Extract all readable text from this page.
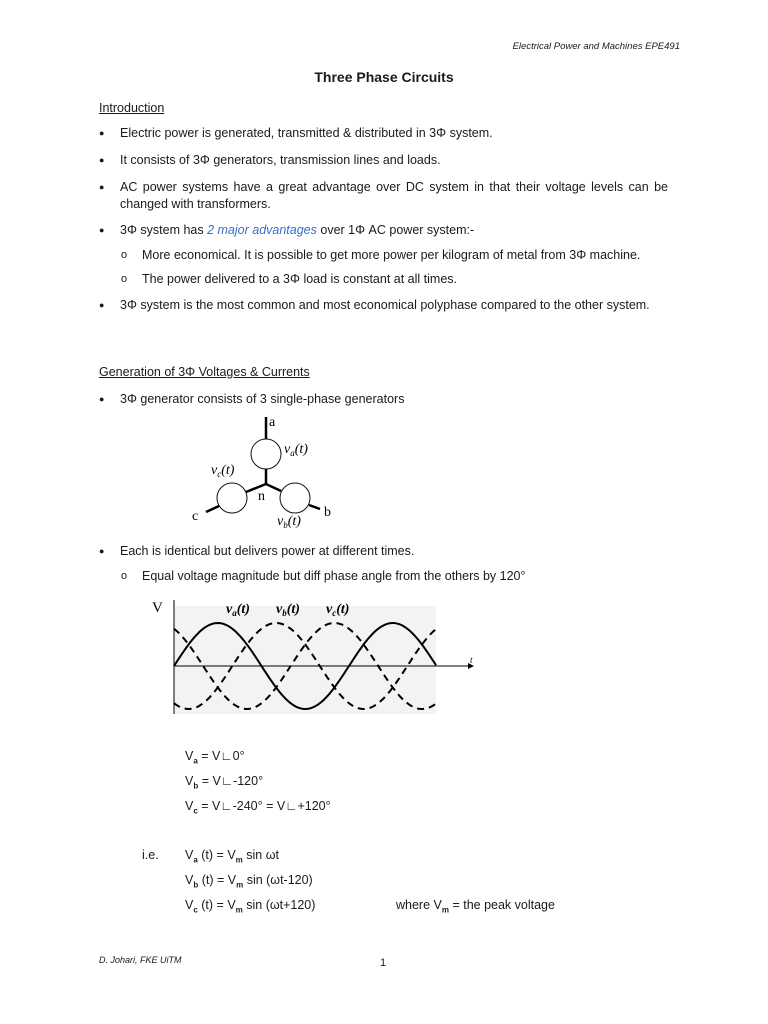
Electrical Power and Machines EPE491
Three Phase Circuits
Introduction
● Electric power is generated, transmitted & distributed in 3Φ system.
● It consists of 3Φ generators, transmission lines and loads.
● AC power systems have a great advantage over DC system in that their voltage levels can be changed with transformers.
● 3Φ system has 2 major advantages over 1Φ AC power system:-
o More economical. It is possible to get more power per kilogram of metal from 3Φ machine.
o The power delivered to a 3Φ load is constant at all times.
● 3Φ system is the most common and most economical polyphase compared to the other system.
Generation of 3Φ Voltages & Currents
● 3Φ generator consists of 3 single-phase generators
a
$v_a(t)$
$v_c(t)$
n
c	b
$v_b(t)$
● Each is identical but delivers power at different times.
o Equal voltage magnitude but diff phase angle from the others by 120°
V
t
$v_a(t)$ $v_b(t)$ $v_c(t)$
$V_a$ = V∟0°
$V_b$ = V∟-120°
$V_c$ = V∟-240° = V∟+120°
i.e. $V_a$ $(t) = V_m$ sin ωt
$V_b$ $(t) = V_m$ sin (ωt-120)
$V_c$ $(t) = V_m$ sin (ωt+120)	where $V_m$ = the peak voltage
D. Johari, FKE UiTM	1
